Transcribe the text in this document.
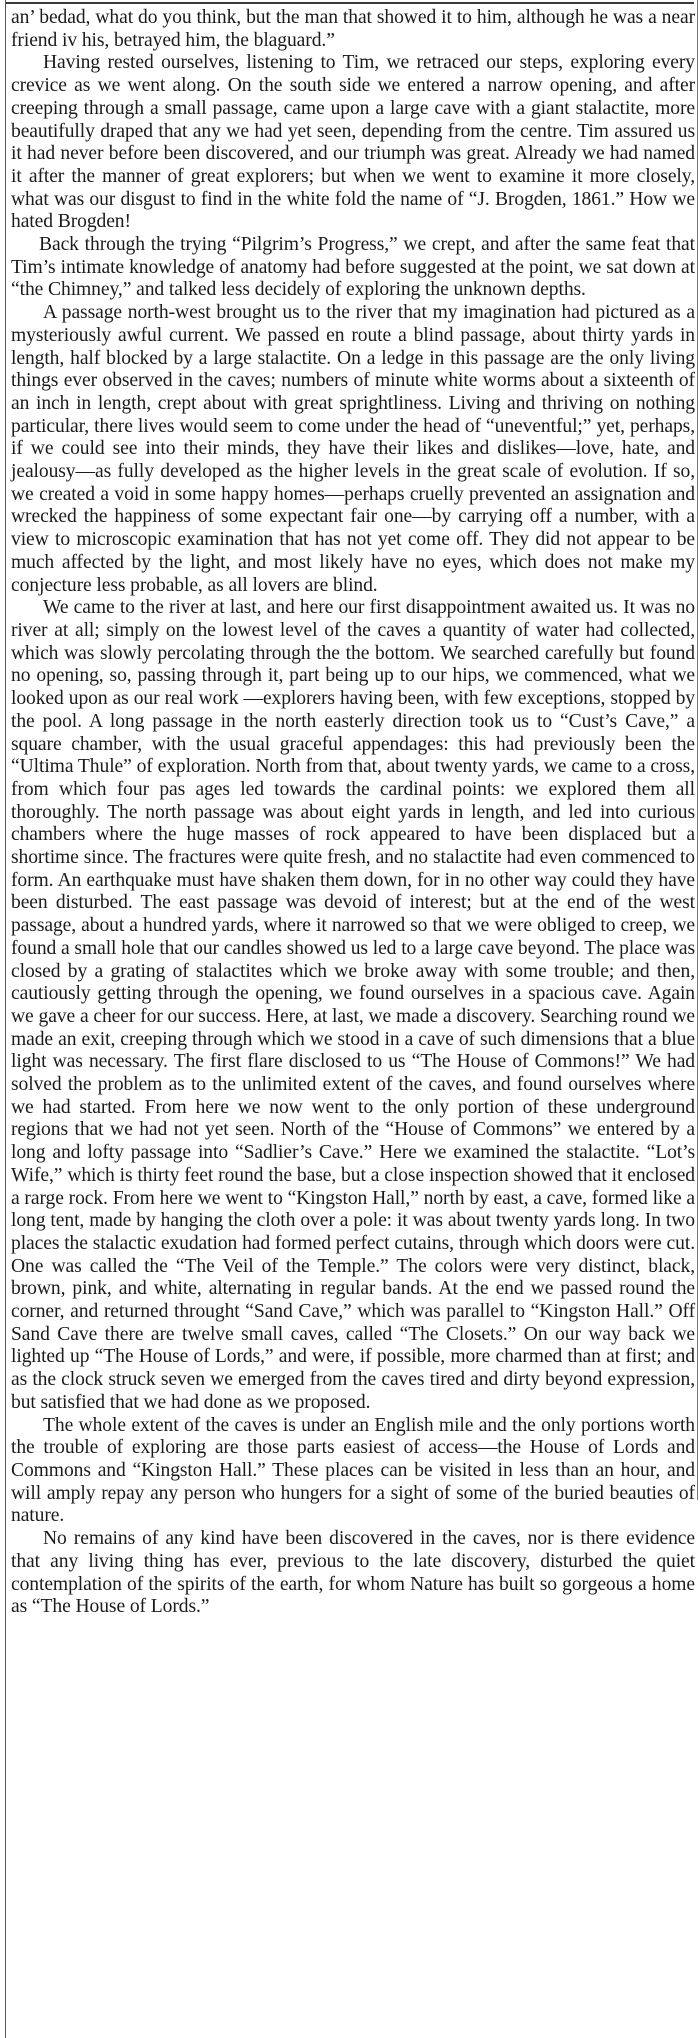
an’ bedad, what do you think, but the man that showed it to him, although he was a near friend iv his, betrayed him, the blaguard.”

Having rested ourselves, listening to Tim, we retraced our steps, exploring every crevice as we went along. On the south side we entered a narrow opening, and after creeping through a small passage, came upon a large cave with a giant stalactite, more beautifully draped that any we had yet seen, depending from the centre. Tim assured us it had never before been discovered, and our triumph was great. Already we had named it after the manner of great explorers; but when we went to examine it more closely, what was our disgust to find in the white fold the name of “J. Brogden, 1861.” How we hated Brogden!

Back through the trying “Pilgrim’s Progress,” we crept, and after the same feat that Tim’s intimate knowledge of anatomy had before suggested at the point, we sat down at “the Chimney,” and talked less decidely of exploring the unknown depths.

A passage north-west brought us to the river that my imagination had pictured as a mysteriously awful current. We passed en route a blind passage, about thirty yards in length, half blocked by a large stalactite. On a ledge in this passage are the only living things ever observed in the caves; numbers of minute white worms about a sixteenth of an inch in length, crept about with great sprightliness. Living and thriving on nothing particular, there lives would seem to come under the head of “uneventful;” yet, perhaps, if we could see into their minds, they have their likes and dislikes—love, hate, and jealousy—as fully developed as the higher levels in the great scale of evolution. If so, we created a void in some happy homes—perhaps cruelly prevented an assignation and wrecked the happiness of some expectant fair one—by carrying off a number, with a view to microscopic examination that has not yet come off. They did not appear to be much affected by the light, and most likely have no eyes, which does not make my conjecture less probable, as all lovers are blind.

We came to the river at last, and here our first disappointment awaited us. It was no river at all; simply on the lowest level of the caves a quantity of water had collected, which was slowly percolating through the the bottom. We searched carefully but found no opening, so, passing through it, part being up to our hips, we commenced, what we looked upon as our real work —explorers having been, with few exceptions, stopped by the pool. A long passage in the north easterly direction took us to “Cust’s Cave,” a square chamber, with the usual graceful appendages: this had previously been the “Ultima Thule” of exploration. North from that, about twenty yards, we came to a cross, from which four pas ages led towards the cardinal points: we explored them all thoroughly. The north passage was about eight yards in length, and led into curious chambers where the huge masses of rock appeared to have been displaced but a shortime since. The fractures were quite fresh, and no stalactite had even commenced to form. An earthquake must have shaken them down, for in no other way could they have been disturbed. The east passage was devoid of interest; but at the end of the west passage, about a hundred yards, where it narrowed so that we were obliged to creep, we found a small hole that our candles showed us led to a large cave beyond. The place was closed by a grating of stalactites which we broke away with some trouble; and then, cautiously getting through the opening, we found ourselves in a spacious cave. Again we gave a cheer for our success. Here, at last, we made a discovery. Searching round we made an exit, creeping through which we stood in a cave of such dimensions that a blue light was necessary. The first flare disclosed to us “The House of Commons!” We had solved the problem as to the unlimited extent of the caves, and found ourselves where we had started. From here we now went to the only portion of these underground regions that we had not yet seen. North of the “House of Commons” we entered by a long and lofty passage into “Sadlier’s Cave.” Here we examined the stalactite. “Lot’s Wife,” which is thirty feet round the base, but a close inspection showed that it enclosed a rarge rock. From here we went to “Kingston Hall,” north by east, a cave, formed like a long tent, made by hanging the cloth over a pole: it was about twenty yards long. In two places the stalactic exudation had formed perfect cutains, through which doors were cut. One was called the “The Veil of the Temple.” The colors were very distinct, black, brown, pink, and white, alternating in regular bands. At the end we passed round the corner, and returned throught “Sand Cave,” which was parallel to “Kingston Hall.” Off Sand Cave there are twelve small caves, called “The Closets.” On our way back we lighted up “The House of Lords,” and were, if possible, more charmed than at first; and as the clock struck seven we emerged from the caves tired and dirty beyond expression, but satisfied that we had done as we proposed.

The whole extent of the caves is under an English mile and the only portions worth the trouble of exploring are those parts easiest of access—the House of Lords and Commons and “Kingston Hall.” These places can be visited in less than an hour, and will amply repay any person who hungers for a sight of some of the buried beauties of nature.

No remains of any kind have been discovered in the caves, nor is there evidence that any living thing has ever, previous to the late discovery, disturbed the quiet contemplation of the spirits of the earth, for whom Nature has built so gorgeous a home as “The House of Lords.”
